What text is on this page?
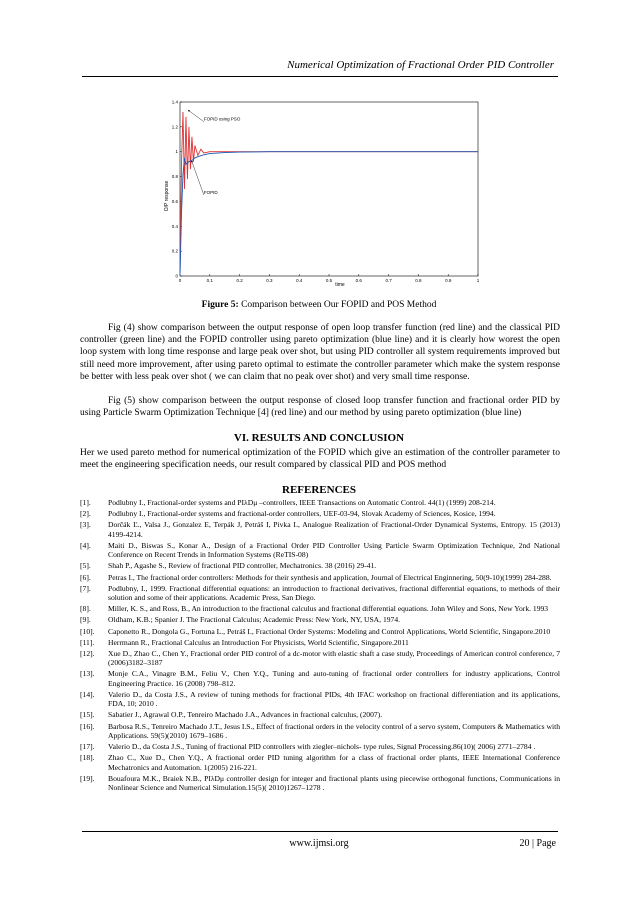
Numerical Optimization of Fractional Order PID Controller
0	0.1	0.2	0.3	0.4	0.5	0.6	0.7	0.8	0.9	1
0
0.2
0.4
0.6
0.8
1
1.2
1.4
FOPID using PSO
FOPID
time
O/P response
Figure 5: Comparison between Our FOPID and POS Method

Fig (4) show comparison between the output response of open loop transfer function (red line) and the classical PID controller (green line) and the FOPID controller using pareto optimization (blue line) and it is clearly how worest the open loop system with long time response and large peak over shot, but using PID controller all system requirements improved but still need more improvement, after using pareto optimal to estimate the controller parameter which make the system response be better with less peak over shot ( we can claim that no peak over shot) and very small time response.

Fig (5) show comparison between the output response of closed loop transfer function and fractional order PID by using Particle Swarm Optimization Technique [4] (red line) and our method by using pareto optimization (blue line)

VI. RESULTS AND CONCLUSION

Her we used pareto method for numerical optimization of the FOPID which give an estimation of the controller parameter to meet the engineering specification needs, our result compared by classical PID and POS method

REFERENCES
[1].	Podlubny I., Fractional-order systems and PIλDμ –controllers, IEEE Transactions on Automatic Control. 44(1) (1999) 208-214.
[2].	Podlubny I., Fractional-order systems and fractional-order controllers, UEF-03-94, Slovak Academy of Sciences, Kosice, 1994.
[3].	Dorčák Ľ., Valsa J., Gonzalez E, Terpák J, Petráš I, Pivka L, Analogue Realization of Fractional-Order Dynamical Systems, Entropy. 15 (2013) 4199-4214.
[4].	Maiti D., Biswas S., Konar A., Design of a Fractional Order PID Controller Using Particle Swarm Optimization Technique, 2nd National Conference on Recent Trends in Information Systems (ReTIS-08)
[5].	Shah P., Agashe S., Review of fractional PID controller, Mechatronics. 38 (2016) 29-41.
[6].	Petras I., The fractional order controllers: Methods for their synthesis and application, Journal of Electrical Enginnering, 50(9-10)(1999) 284-288.
[7].	Podlubny, I., 1999. Fractional differential equations: an introduction to fractional derivatives, fractional differential equations, to methods of their solution and some of their applications. Academic Press, San Diego.
[8].	Miller, K. S., and Ross, B., An introduction to the fractional calculus and fractional differential equations. John Wiley and Sons, New York. 1993
[9].	Oldham, K.B.; Spanier J. The Fractional Calculus; Academic Press: New York, NY, USA, 1974.
[10].	Caponetto R., Dongola G., Fortuna L., Petráš I., Fractional Order Systems: Modeling and Control Applications, World Scientific, Singapore.2010
[11].	Herrmann R., Fractional Calculus an Introduction For Physicists, World Scientific, Singapore.2011
[12].	Xue D., Zhao C., Chen Y., Fractional order PID control of a dc-motor with elastic shaft a case study, Proceedings of American control conference, 7 (2006)3182–3187
[13].	Monje C.A., Vinagre B.M., Feliu V., Chen Y.Q., Tuning and auto-tuning of fractional order controllers for industry applications, Control Engineering Practice. 16 (2008) 798–812.
[14].	Valerio D., da Costa J.S., A review of tuning methods for fractional PIDs, 4th IFAC workshop on fractional differentiation and its applications, FDA, 10; 2010 .
[15].	Sabatier J., Agrawal O.P., Tenreiro Machado J.A., Advances in fractional calculus, (2007).
[16].	Barbosa R.S., Tenreiro Machado J.T., Jesus I.S., Effect of fractional orders in the velocity control of a servo system, Computers & Mathematics with Applications. 59(5)(2010) 1679–1686 .
[17].	Valerio D., da Costa J.S., Tuning of fractional PID controllers with ziegler–nichols- type rules, Signal Processing.86(10)( 2006) 2771–2784 .
[18].	Zhao C., Xue D., Chen Y.Q., A fractional order PID tuning algorithm for a class of fractional order plants, IEEE International Conference Mechatronics and Automation. 1(2005) 216-221.
[19].	Bouafoura M.K., Braiek N.B., PIλDμ controller design for integer and fractional plants using piecewise orthogonal functions, Communications in Nonlinear Science and Numerical Simulation.15(5)( 2010)1267–1278 .
www.ijmsi.org	20 | Page
